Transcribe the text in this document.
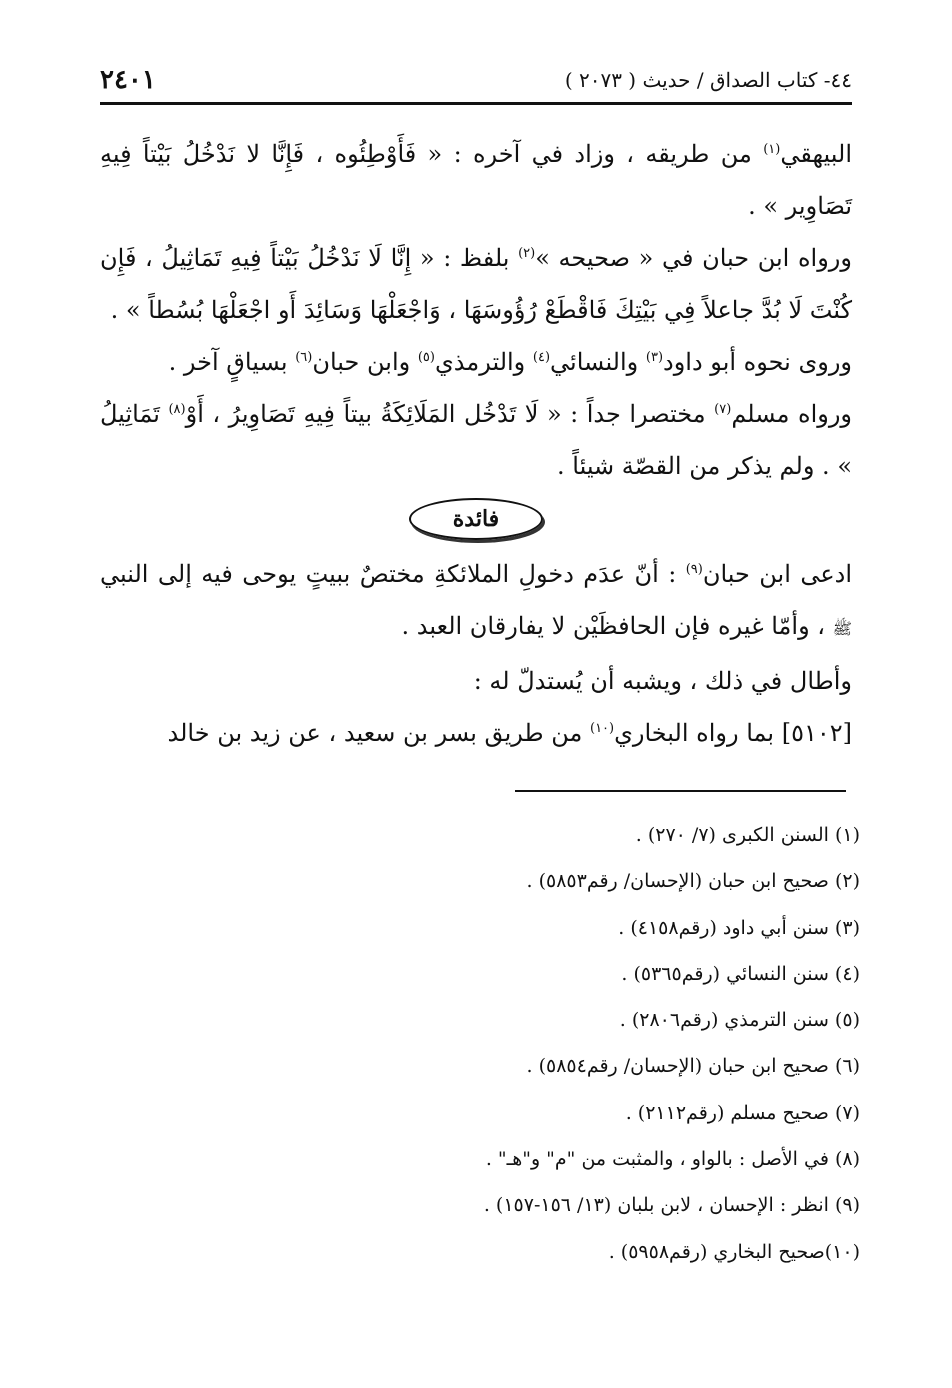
٤٤- كتاب الصداق / حديث ( ٢٠٧٣ )
٢٤٠١

البيهقي$^{(١)}$ من طريقه ، وزاد في آخره : « فَأَوْطِئُوه ، فَإِنَّا لا نَدْخُلُ بَيْتاً فِيهِ تَصَاوِير » .

ورواه ابن حبان في « صحيحه »$^{(٢)}$ بلفظ : « إِنَّا لَا نَدْخُلُ بَيْتاً فِيهِ تَمَاثِيلُ ، فَإِن كُنْتَ لَا بُدَّ جاعلاً فِي بَيْتِكَ فَاقْطَعْ رُؤُوسَهَا ، وَاجْعَلْهَا وَسَائِدَ أَو اجْعَلْهَا بُسُطاً » .

وروى نحوه أبو داود$^{(٣)}$ والنسائي$^{(٤)}$ والترمذي$^{(٥)}$ وابن حبان$^{(٦)}$ بسياقٍ آخر .

ورواه مسلم$^{(٧)}$ مختصرا جداً : « لَا تَدْخُل المَلَائِكَةُ بيتاً فِيهِ تَصَاوِيرُ ، أَوْ$^{(٨)}$ تَمَاثِيلُ » . ولم يذكر من القصّة شيئاً .

فائدة

ادعى ابن حبان$^{(٩)}$ : أنّ عدَم دخولِ الملائكةِ مختصٌ ببيتٍ يوحى فيه إلى النبي ﷺ ، وأمّا غيره فإن الحافظَيْن لا يفارقان العبد .

وأطال في ذلك ، ويشبه أن يُستدلّ له :

[٥١٠٢] بما رواه البخاري$^{(١٠)}$ من طريق بسر بن سعيد ، عن زيد بن خالد

(١) السنن الكبرى (٧/ ٢٧٠) .
(٢) صحيح ابن حبان (الإحسان/ رقم٥٨٥٣) .
(٣) سنن أبي داود (رقم٤١٥٨) .
(٤) سنن النسائي (رقم٥٣٦٥) .
(٥) سنن الترمذي (رقم٢٨٠٦) .
(٦) صحيح ابن حبان (الإحسان/ رقم٥٨٥٤) .
(٧) صحيح مسلم (رقم٢١١٢) .
(٨) في الأصل : بالواو ، والمثبت من "م" و"هـ" .
(٩) انظر : الإحسان ، لابن بلبان (١٣/ ١٥٦-١٥٧) .
(١٠)صحيح البخاري (رقم٥٩٥٨) .
